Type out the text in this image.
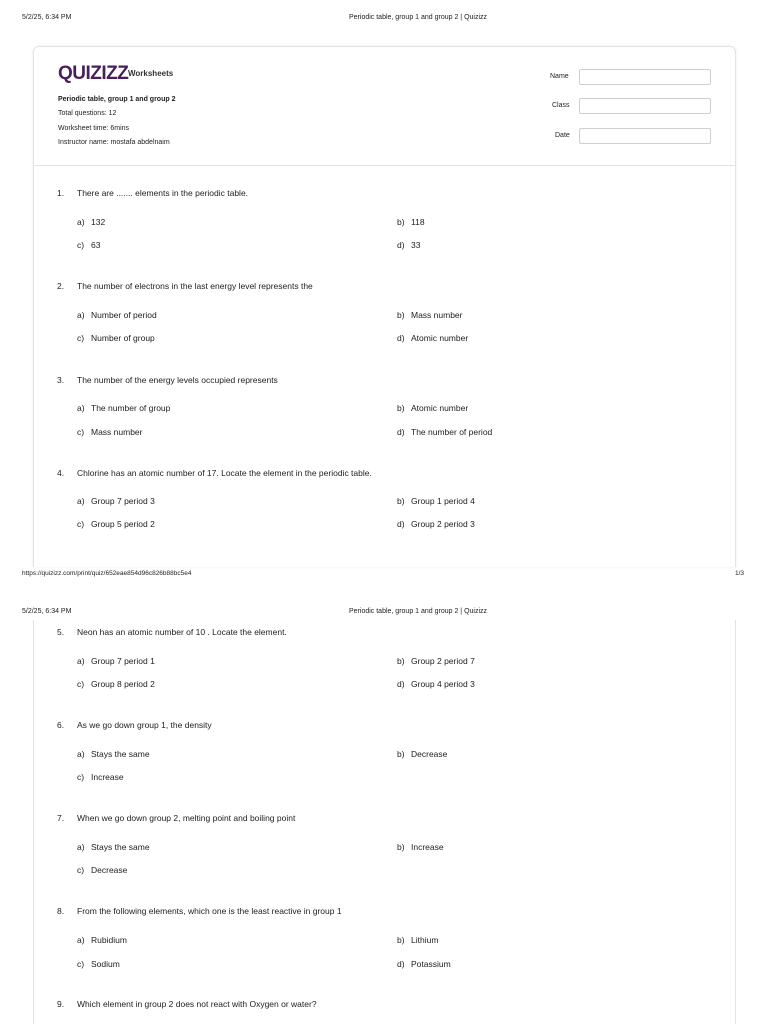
5/2/25, 6:34 PM	Periodic table, group 1 and group 2 | Quizizz
QUIZIZZ Worksheets
Periodic table, group 1 and group 2
Total questions: 12
Worksheet time: 6mins
Instructor name: mostafa abdelnaim
Name
Class
Date
1. There are ....... elements in the periodic table.
a) 132	b) 118
c) 63	d) 33
2. The number of electrons in the last energy level represents the
a) Number of period	b) Mass number
c) Number of group	d) Atomic number
3. The number of the energy levels occupied represents
a) The number of group	b) Atomic number
c) Mass number	d) The number of period
4. Chlorine has an atomic number of 17. Locate the element in the periodic table.
a) Group 7 period 3	b) Group 1 period 4
c) Group 5 period 2	d) Group 2 period 3
https://quizizz.com/print/quiz/652eae854d96c826b88bc5e4	1/3
5/2/25, 6:34 PM	Periodic table, group 1 and group 2 | Quizizz
5. Neon has an atomic number of 10 . Locate the element.
a) Group 7 period 1	b) Group 2 period 7
c) Group 8 period 2	d) Group 4 period 3
6. As we go down group 1, the density
a) Stays the same	b) Decrease
c) Increase
7. When we go down group 2, melting point and boiling point
a) Stays the same	b) Increase
c) Decrease
8. From the following elements, which one is the least reactive in group 1
a) Rubidium	b) Lithium
c) Sodium	d) Potassium
9. Which element in group 2 does not react with Oxygen or water?
